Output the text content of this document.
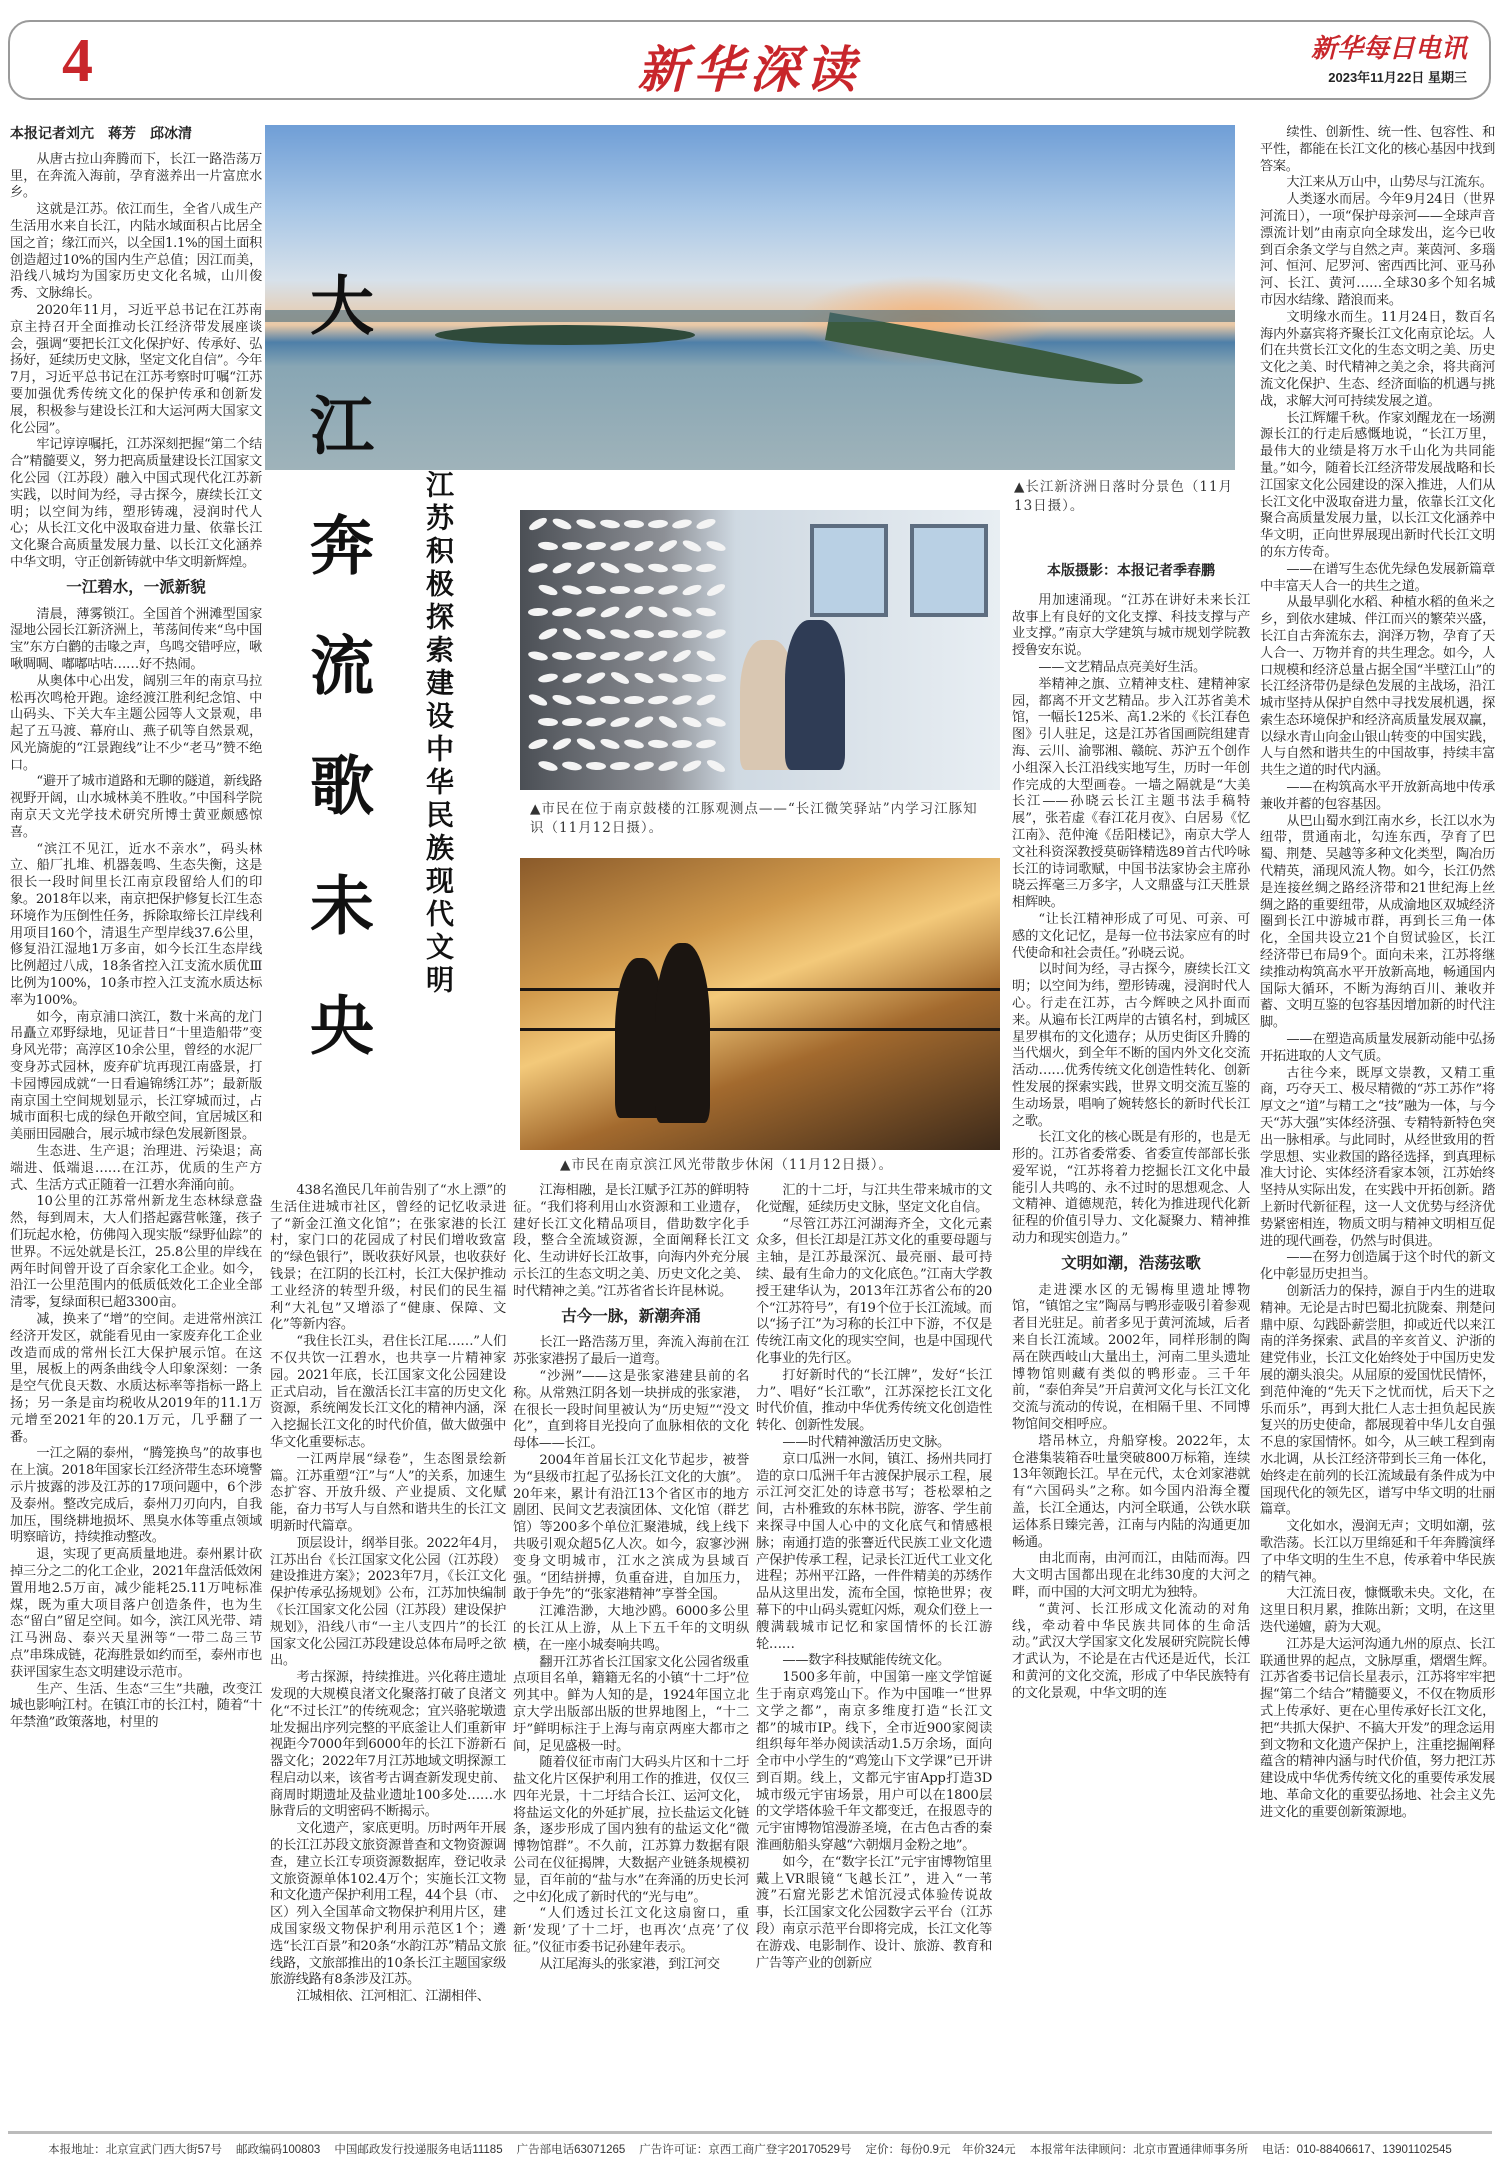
4	新华深读	新华每日电讯
2023年11月22日 星期三
大江奔流歌未央	江苏积极探索建设中华民族现代文明	▲市民在位于南京鼓楼的江豚观测点——“长江微笑驿站”内学习江豚知识（11月12日摄）。
▲市民在南京滨江风光带散步休闲（11月12日摄）。
▲长江新济洲日落时分景色（11月13日摄）。
本报记者刘亢　蒋芳　邱冰清

从唐古拉山奔腾而下，长江一路浩荡万里，在奔流入海前，孕育滋养出一片富庶水乡。

这就是江苏。依江而生，全省八成生产生活用水来自长江，内陆水域面积占比居全国之首；缘江而兴，以全国1.1%的国土面积创造超过10%的国内生产总值；因江而美，沿线八城均为国家历史文化名城，山川俊秀、文脉绵长。

2020年11月，习近平总书记在江苏南京主持召开全面推动长江经济带发展座谈会，强调“要把长江文化保护好、传承好、弘扬好，延续历史文脉，坚定文化自信”。今年7月，习近平总书记在江苏考察时叮嘱“江苏要加强优秀传统文化的保护传承和创新发展，积极参与建设长江和大运河两大国家文化公园”。

牢记谆谆嘱托，江苏深刻把握“第二个结合”精髓要义，努力把高质量建设长江国家文化公园（江苏段）融入中国式现代化江苏新实践，以时间为经，寻古探今，赓续长江文明；以空间为纬，塑形铸魂，浸润时代人心；从长江文化中汲取奋进力量、依靠长江文化聚合高质量发展力量、以长江文化涵养中华文明，守正创新铸就中华文明新辉煌。

一江碧水，一派新貌

清晨，薄雾锁江。全国首个洲滩型国家湿地公园长江新济洲上，苇荡间传来“鸟中国宝”东方白鹳的击喙之声，鸟鸣交错呼应，啾啾啁啁、嘟嘟咕咕……好不热闹。

从奥体中心出发，阔别三年的南京马拉松再次鸣枪开跑。途经渡江胜利纪念馆、中山码头、下关大车主题公园等人文景观，串起了五马渡、幕府山、燕子矶等自然景观，风光旖旎的“江景跑线”让不少“老马”赞不绝口。

“避开了城市道路和无聊的隧道，新线路视野开阔，山水城林美不胜收。”中国科学院南京天文光学技术研究所博士黄亚颇感惊喜。

“滨江不见江，近水不亲水”，码头林立、船厂扎堆、机器轰鸣、生态失衡，这是很长一段时间里长江南京段留给人们的印象。2018年以来，南京把保护修复长江生态环境作为压倒性任务，拆除取缔长江岸线利用项目160个，清退生产型岸线37.6公里，修复沿江湿地1万多亩，如今长江生态岸线比例超过八成，18条省控入江支流水质优Ⅲ比例为100%，10条市控入江支流水质达标率为100%。

如今，南京浦口滨江，数十米高的龙门吊矗立邓野绿地，见证昔日“十里造船带”变身风光带；高淳区10余公里，曾经的水泥厂变身苏式园林，废弃矿坑再现江南盛景，打卡园博园成就“一日看遍锦绣江苏”；最新版南京国土空间规划显示，长江穿城而过，占城市面积七成的绿色开敞空间，宜居城区和美丽田园融合，展示城市绿色发展新图景。

生态进、生产退；治理进、污染退；高端进、低端退……在江苏，优质的生产方式、生活方式正随着一江碧水奔涌向前。

10公里的江苏常州新龙生态林绿意盎然，每到周末，大人们搭起露营帐篷，孩子们玩起水枪，仿佛闯入现实版“绿野仙踪”的世界。不远处就是长江，25.8公里的岸线在两年时间曾开设了百余家化工企业。如今，沿江一公里范围内的低质低效化工企业全部清零，复绿面积已超3300亩。

减，换来了“增”的空间。走进常州滨江经济开发区，就能看见由一家废弃化工企业改造而成的常州长江大保护展示馆。在这里，展板上的两条曲线令人印象深刻：一条是空气优良天数、水质达标率等指标一路上扬；另一条是亩均税收从2019年的11.1万元增至2021年的20.1万元，几乎翻了一番。

一江之隔的泰州，“腾笼换鸟”的故事也在上演。2018年国家长江经济带生态环境警示片披露的涉及江苏的17项问题中，6个涉及泰州。整改完成后，泰州刀刃向内，自我加压，围绕耕地损坏、黑臭水体等重点领域明察暗访，持续推动整改。

退，实现了更高质量地进。泰州累计砍掉三分之二的化工企业，2021年盘活低效闲置用地2.5万亩，减少能耗25.11万吨标准煤，既为重大项目落户创造条件，也为生态“留白”留足空间。如今，滨江风光带、靖江马洲岛、泰兴天星洲等“一带二岛三节点”串珠成链，花海胜景如约而至，泰州市也获评国家生态文明建设示范市。

生产、生活、生态“三生”共融，改变江城也影响江村。在镇江市的长江村，随着“十年禁渔”政策落地，村里的

438名渔民几年前告别了“水上漂”的生活住进城市社区，曾经的记忆收录进了“新金江渔文化馆”；在张家港的长江村，家门口的花园成了村民们增收致富的“绿色银行”，既收获好风景，也收获好钱景；在江阴的长江村，长江大保护推动工业经济的转型升级，村民们的民生福利“大礼包”又增添了“健康、保障、文化”等新内容。

“我住长江头，君住长江尾……”人们不仅共饮一江碧水，也共享一片精神家园。2021年底，长江国家文化公园建设正式启动，旨在激活长江丰富的历史文化资源，系统阐发长江文化的精神内涵，深入挖掘长江文化的时代价值，做大做强中华文化重要标志。

一江两岸展“绿卷”，生态图景绘新篇。江苏重塑“江”与“人”的关系，加速生态扩容、开放升级、产业提质、文化赋能，奋力书写人与自然和谐共生的长江文明新时代篇章。

顶层设计，纲举目张。2022年4月，江苏出台《长江国家文化公园（江苏段）建设推进方案》；2023年7月，《长江文化保护传承弘扬规划》公布，江苏加快编制《长江国家文化公园（江苏段）建设保护规划》，沿线八市“一主八支四片”的长江国家文化公园江苏段建设总体布局呼之欲出。

考古探源，持续推进。兴化蒋庄遗址发现的大规模良渚文化聚落打破了良渚文化“不过长江”的传统观念；宜兴骆驼墩遗址发掘出序列完整的平底釜让人们重新审视距今7000年到6000年的长江下游新石器文化；2022年7月江苏地域文明探源工程启动以来，该省考古调查新发现史前、商周时期遗址及盐业遗址100多处……水脉背后的文明密码不断揭示。

文化遗产，家底更明。历时两年开展的长江江苏段文旅资源普查和文物资源调查，建立长江专项资源数据库，登记收录文旅资源单体102.4万个；实施长江文物和文化遗产保护利用工程，44个县（市、区）列入全国革命文物保护利用片区，建成国家级文物保护利用示范区1个；遴选“长江百景”和20条“水韵江苏”精品文旅线路，文旅部推出的10条长江主题国家级旅游线路有8条涉及江苏。

江城相依、江河相汇、江湖相伴、

江海相融，是长江赋予江苏的鲜明特征。“我们将利用山水资源和工业遗存，建好长江文化精品项目，借助数字化手段，整合全流域资源，全面阐释长江文化、生动讲好长江故事，向海内外充分展示长江的生态文明之美、历史文化之美、时代精神之美。”江苏省省长许昆林说。

古今一脉，新潮奔涌

长江一路浩荡万里，奔流入海前在江苏张家港拐了最后一道弯。

“沙洲”——这是张家港建县前的名称。从常熟江阴各划一块拼成的张家港，在很长一段时间里被认为“历史短”“没文化”，直到将目光投向了血脉相依的文化母体——长江。

2004年首届长江文化节起步，被誉为“县级市扛起了弘扬长江文化的大旗”。20年来，累计有沿江13个省区市的地方剧团、民间文艺表演团体、文化馆（群艺馆）等200多个单位汇聚港城，线上线下共吸引观众超5亿人次。如今，寂寥沙洲变身文明城市，江水之滨成为县域百强。“团结拼搏，负重奋进，自加压力，敢于争先”的“张家港精神”享誉全国。

江滩浩渺，大地沙鸥。6000多公里的长江从上游，从上下五千年的文明纵横，在一座小城奏响共鸣。

翻开江苏省长江国家文化公园省级重点项目名单，籍籍无名的小镇“十二圩”位列其中。鲜为人知的是，1924年国立北京大学出版部出版的世界地图上，“十二圩”鲜明标注于上海与南京两座大都市之间，足见盛极一时。

随着仪征市南门大码头片区和十二圩盐文化片区保护利用工作的推进，仅仅三四年光景，十二圩结合长江、运河文化，将盐运文化的外延扩展，拉长盐运文化链条，逐步形成了国内独有的盐运文化“微博物馆群”。不久前，江苏算力数据有限公司在仪征揭牌，大数据产业链条规模初显，百年前的“盐与水”在奔涌的历史长河之中幻化成了新时代的“光与电”。

“人们透过长江文化这扇窗口，重新‘发现’了十二圩，也再次‘点亮’了仪征。”仪征市委书记孙建年表示。

从江尾海头的张家港，到江河交

汇的十二圩，与江共生带来城市的文化觉醒，延续历史文脉，坚定文化自信。

“尽管江苏江河湖海齐全，文化元素众多，但长江却是江苏文化的重要母题与主轴，是江苏最深沉、最亮丽、最可持续、最有生命力的文化底色。”江南大学教授王建华认为，2013年江苏省公布的20个“江苏符号”，有19个位于长江流域。而以“扬子江”为习称的长江中下游，不仅是传统江南文化的现实空间，也是中国现代化事业的先行区。

打好新时代的“长江牌”，发好“长江力”、唱好“长江歌”，江苏深挖长江文化时代价值，推动中华优秀传统文化创造性转化、创新性发展。

——时代精神激活历史文脉。

京口瓜洲一水间，镇江、扬州共同打造的京口瓜洲千年古渡保护展示工程，展示江河交汇处的诗意书写；苍松翠柏之间，古朴雅致的东林书院，游客、学生前来探寻中国人心中的文化底气和情感根脉；南通打造的张謇近代民族工业文化遗产保护传承工程，记录长江近代工业文化进程；苏州平江路，一件件精美的苏绣作品从这里出发，流布全国，惊艳世界；夜幕下的中山码头霓虹闪烁，观众们登上一艘满载城市记忆和家国情怀的长江游轮……

——数字科技赋能传统文化。

1500多年前，中国第一座文学馆诞生于南京鸡笼山下。作为中国唯一“世界文学之都”，南京多维度打造“长江文都”的城市IP。线下，全市近900家阅读组织每年举办阅读活动1.5万余场，面向全市中小学生的“鸡笼山下文学课”已开讲到百期。线上，文都元宇宙App打造3D城市级元宇宙场景，用户可以在1800层的文学塔体验千年文都变迁，在报恩寺的元宇宙博物馆漫游圣境，在古色古香的秦淮画舫船头穿越“六朝烟月金粉之地”。

如今，在“数字长江”元宇宙博物馆里戴上VR眼镜“飞越长江”，进入“一苇渡”石窟光影艺术馆沉浸式体验传说故事，长江国家文化公园数字云平台（江苏段）南京示范平台即将完成，长江文化等在游戏、电影制作、设计、旅游、教育和广告等产业的创新应

本版摄影：本报记者季春鹏

用加速涌现。“江苏在讲好未来长江故事上有良好的文化支撑、科技支撑与产业支撑。”南京大学建筑与城市规划学院教授鲁安东说。

——文艺精品点亮美好生活。

举精神之旗、立精神支柱、建精神家园，都离不开文艺精品。步入江苏省美术馆，一幅长125米、高1.2米的《长江春色图》引人驻足，这是江苏省国画院组建青海、云川、渝鄂湘、赣皖、苏沪五个创作小组深入长江沿线实地写生，历时一年创作完成的大型画卷。一墙之隔就是“大美长江——孙晓云长江主题书法手稿特展”，张若虚《春江花月夜》、白居易《忆江南》、范仲淹《岳阳楼记》，南京大学人文社科资深教授莫砺锋精选89首古代吟咏长江的诗词歌赋，中国书法家协会主席孙晓云挥毫三万多字，人文鼎盛与江天胜景相辉映。

“让长江精神形成了可见、可亲、可感的文化记忆，是每一位书法家应有的时代使命和社会责任。”孙晓云说。

以时间为经，寻古探今，赓续长江文明；以空间为纬，塑形铸魂，浸润时代人心。行走在江苏，古今辉映之风扑面而来。从遍布长江两岸的古镇名村，到城区星罗棋布的文化遗存；从历史街区升腾的当代烟火，到全年不断的国内外文化交流活动……优秀传统文化创造性转化、创新性发展的探索实践，世界文明交流互鉴的生动场景，唱响了婉转悠长的新时代长江之歌。

长江文化的核心既是有形的，也是无形的。江苏省委常委、省委宣传部部长张爱军说，“江苏将着力挖掘长江文化中最能引人共鸣的、永不过时的思想观念、人文精神、道德规范，转化为推进现代化新征程的价值引导力、文化凝聚力、精神推动力和现实创造力。”

文明如潮，浩荡弦歌

走进溧水区的无锡梅里遗址博物馆，“镇馆之宝”陶鬲与鸭形壶吸引着参观者目光驻足。前者多见于黄河流域，后者来自长江流域。2002年，同样形制的陶鬲在陕西岐山大量出土，河南二里头遗址博物馆则藏有类似的鸭形壶。三千年前，“泰伯奔吴”开启黄河文化与长江文化交流与流动的传说，在相隔千里、不同博物馆间交相呼应。

塔吊林立，舟船穿梭。2022年，太仓港集装箱吞吐量突破800万标箱，连续13年领跑长江。早在元代，太仓刘家港就有“六国码头”之称。如今国内沿海全覆盖，长江全通达，内河全联通，公铁水联运体系日臻完善，江南与内陆的沟通更加畅通。

由北而南，由河而江，由陆而海。四大文明古国都出现在北纬30度的大河之畔，而中国的大河文明尤为独特。

“黄河、长江形成文化流动的对角线，牵动着中华民族共同体的生命活动。”武汉大学国家文化发展研究院院长傅才武认为，不论是在古代还是近代，长江和黄河的文化交流，形成了中华民族特有的文化景观，中华文明的连

续性、创新性、统一性、包容性、和平性，都能在长江文化的核心基因中找到答案。

大江来从万山中，山势尽与江流东。

人类逐水而居。今年9月24日（世界河流日），一项“保护母亲河——全球声音漂流计划”由南京向全球发出，迄今已收到百余条文学与自然之声。莱茵河、多瑙河、恒河、尼罗河、密西西比河、亚马孙河、长江、黄河……全球30多个知名城市因水结缘、踏浪而来。

文明缘水而生。11月24日，数百名海内外嘉宾将齐聚长江文化南京论坛。人们在共赏长江文化的生态文明之美、历史文化之美、时代精神之美之余，将共商河流文化保护、生态、经济面临的机遇与挑战，求解大河可持续发展之道。

长江辉耀千秋。作家刘醒龙在一场溯源长江的行走后感慨地说，“长江万里，最伟大的业绩是将万水千山化为共同能量。”如今，随着长江经济带发展战略和长江国家文化公园建设的深入推进，人们从长江文化中汲取奋进力量，依靠长江文化聚合高质量发展力量，以长江文化涵养中华文明，正向世界展现出新时代长江文明的东方传奇。

——在谱写生态优先绿色发展新篇章中丰富天人合一的共生之道。

从最早驯化水稻、种植水稻的鱼米之乡，到依水建城、伴江而兴的繁荣兴盛，长江自古奔流东去，润泽万物，孕育了天人合一、万物并育的共生理念。如今，人口规模和经济总量占据全国“半壁江山”的长江经济带仍是绿色发展的主战场，沿江城市坚持从保护自然中寻找发展机遇，探索生态环境保护和经济高质量发展双赢，以绿水青山向金山银山转变的中国实践，人与自然和谐共生的中国故事，持续丰富共生之道的时代内涵。

——在构筑高水平开放新高地中传承兼收并蓄的包容基因。

从巴山蜀水到江南水乡，长江以水为纽带，贯通南北，勾连东西，孕育了巴蜀、荆楚、吴越等多种文化类型，陶冶历代精英，涌现风流人物。如今，长江仍然是连接丝绸之路经济带和21世纪海上丝绸之路的重要纽带，从成渝地区双城经济圈到长江中游城市群，再到长三角一体化，全国共设立21个自贸试验区，长江经济带已布局9个。面向未来，江苏将继续推动构筑高水平开放新高地，畅通国内国际大循环，不断为海纳百川、兼收并蓄、文明互鉴的包容基因增加新的时代注脚。

——在塑造高质量发展新动能中弘扬开拓进取的人文气质。

古往今来，既厚文崇教，又精工重商，巧夺天工、极尽精微的“苏工苏作”将厚文之“道”与精工之“技”融为一体，与今天“苏大强”实体经济强、专精特新特色突出一脉相承。与此同时，从经世致用的哲学思想、实业救国的路径选择，到真理标准大讨论、实体经济看家本领，江苏始终坚持从实际出发，在实践中开拓创新。踏上新时代新征程，这一人文优势与经济优势紧密相连，物质文明与精神文明相互促进的现代画卷，仍然与时俱进。

——在努力创造属于这个时代的新文化中彰显历史担当。

创新活力的保持，源自于内生的进取精神。无论是古时巴蜀北抗陇秦、荆楚问鼎中原、勾践卧薪尝胆，抑或近代以来江南的洋务探索、武昌的辛亥首义、沪浙的建党伟业，长江文化始终处于中国历史发展的潮头浪尖。从屈原的爱国忧民情怀，到范仲淹的“先天下之忧而忧，后天下之乐而乐”，再到大批仁人志士担负起民族复兴的历史使命，都展现着中华儿女自强不息的家国情怀。如今，从三峡工程到南水北调，从长江经济带到长三角一体化，始终走在前列的长江流域最有条件成为中国现代化的领先区，谱写中华文明的壮丽篇章。

文化如水，漫润无声；文明如潮，弦歌浩荡。长江以万里绵延和千年奔腾演绎了中华文明的生生不息，传承着中华民族的精气神。

大江流日夜，慷慨歌未央。文化，在这里日积月累，推陈出新；文明，在这里迭代递嬗，蔚为大观。

江苏是大运河沟通九州的原点、长江联通世界的起点，文脉厚重，熠熠生辉。江苏省委书记信长星表示，江苏将牢牢把握“第二个结合”精髓要义，不仅在物质形式上传承好、更在心里传承好长江文化，把“共抓大保护、不搞大开发”的理念运用到文物和文化遗产保护上，注重挖掘阐释蕴含的精神内涵与时代价值，努力把江苏建设成中华优秀传统文化的重要传承发展地、革命文化的重要弘扬地、社会主义先进文化的重要创新策源地。

本报地址：北京宣武门西大街57号 邮政编码100803 中国邮政发行投递服务电话11185 广告部电话63071265 广告许可证：京西工商广登字20170529号 定价：每份0.9元　年价324元 本报常年法律顾问：北京市置通律师事务所 电话：010-88406617、13901102545
